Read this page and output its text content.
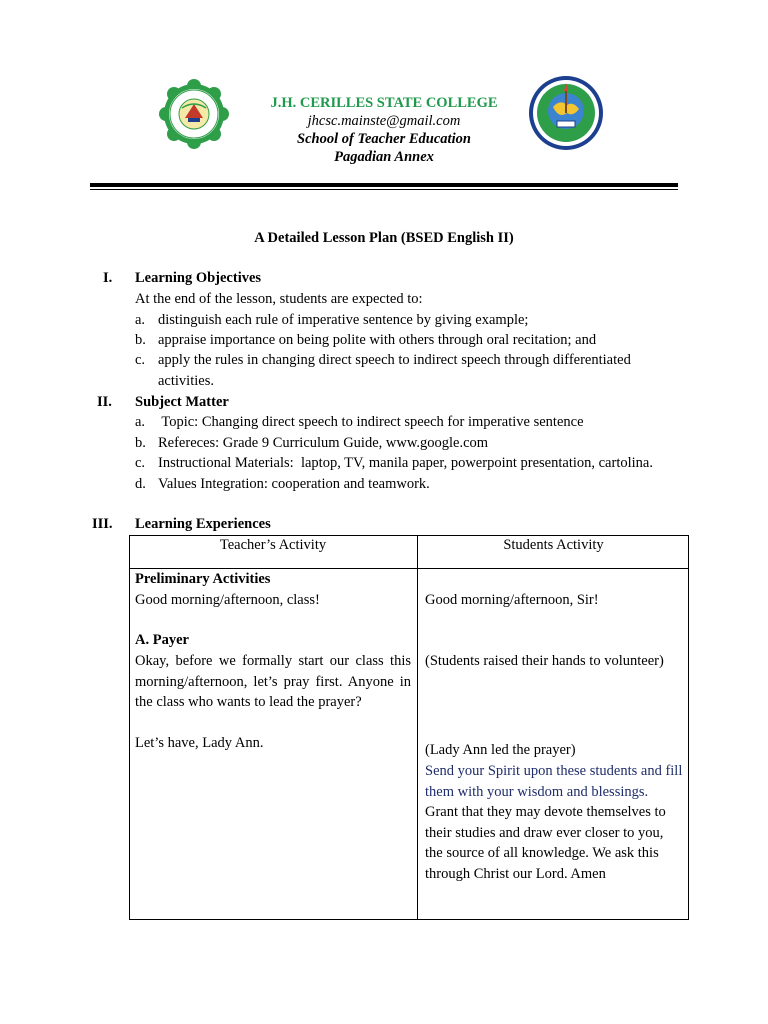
J.H. CERILLES STATE COLLEGE
jhcsc.mainste@gmail.com
School of Teacher Education
Pagadian Annex
A Detailed Lesson Plan (BSED English II)
I. Learning Objectives
At the end of the lesson, students are expected to:
a. distinguish each rule of imperative sentence by giving example;
b. appraise importance on being polite with others through oral recitation; and
c. apply the rules in changing direct speech to indirect speech through differentiated
activities.
II. Subject Matter
a. Topic: Changing direct speech to indirect speech for imperative sentence
b. Refereces: Grade 9 Curriculum Guide, www.google.com
c. Instructional Materials:  laptop, TV, manila paper, powerpoint presentation, cartolina.
d. Values Integration: cooperation and teamwork.
III. Learning Experiences
Teacher’s Activity	Students Activity
Preliminary Activities
Good morning/afternoon, class!
A. Payer
Okay, before we formally start our class this morning/afternoon, let’s pray first. Anyone in the class who wants to lead the prayer?
Let’s have, Lady Ann.
Good morning/afternoon, Sir!
(Students raised their hands to volunteer)
(Lady Ann led the prayer)
Send your Spirit upon these students and fill them with your wisdom and blessings.
Grant that they may devote themselves to their studies and draw ever closer to you, the source of all knowledge. We ask this through Christ our Lord. Amen
